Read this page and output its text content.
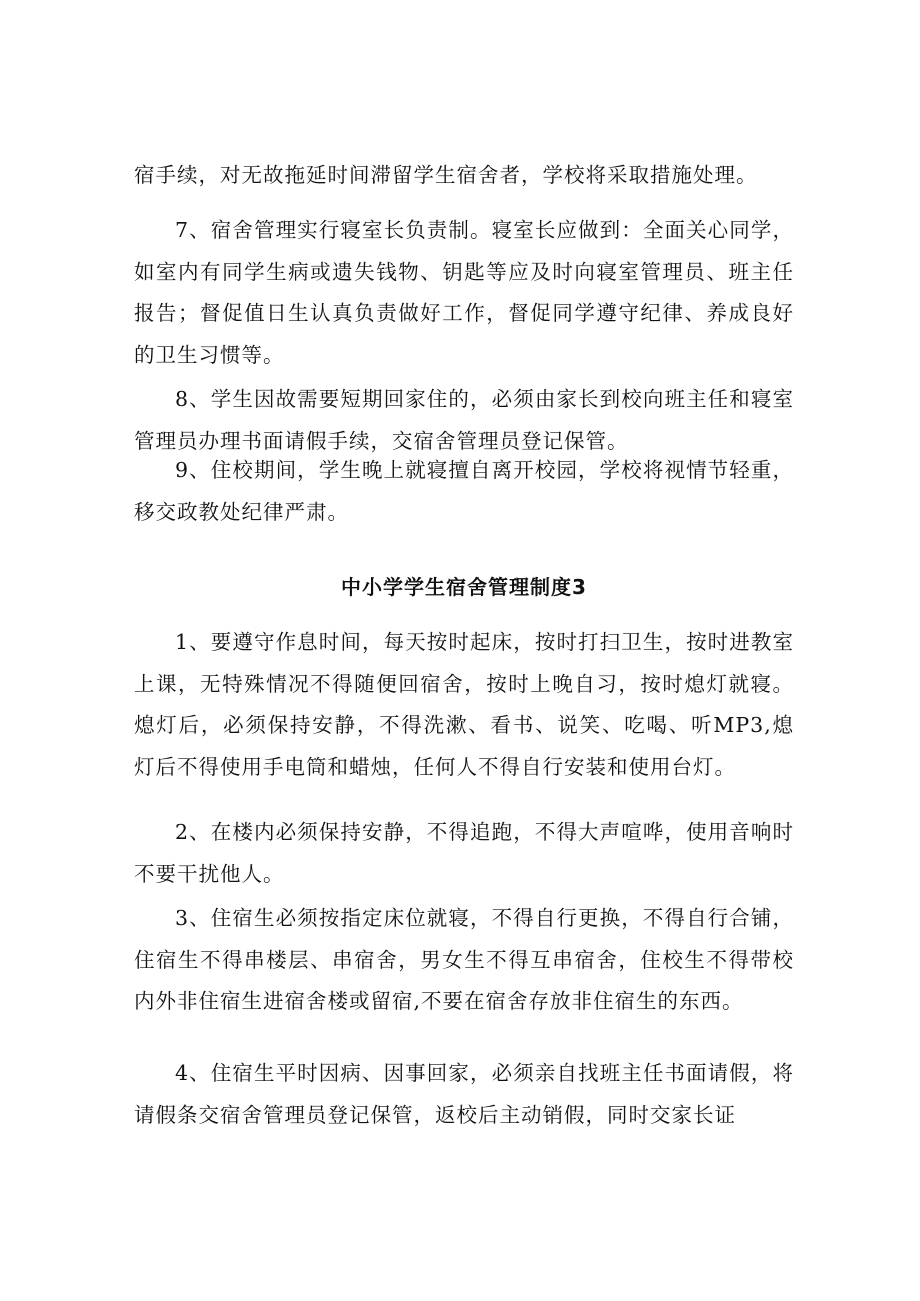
宿手续，对无故拖延时间滞留学生宿舍者，学校将采取措施处理。

7、宿舍管理实行寝室长负责制。寝室长应做到：全面关心同学，如室内有同学生病或遗失钱物、钥匙等应及时向寝室管理员、班主任报告；督促值日生认真负责做好工作，督促同学遵守纪律、养成良好的卫生习惯等。

8、学生因故需要短期回家住的，必须由家长到校向班主任和寝室管理员办理书面请假手续，交宿舍管理员登记保管。

9、住校期间，学生晚上就寝擅自离开校园，学校将视情节轻重，移交政教处纪律严肃。

中小学学生宿舍管理制度3

1、要遵守作息时间，每天按时起床，按时打扫卫生，按时进教室上课，无特殊情况不得随便回宿舍，按时上晚自习，按时熄灯就寝。熄灯后，必须保持安静，不得洗漱、看书、说笑、吃喝、听MP3,熄灯后不得使用手电筒和蜡烛，任何人不得自行安装和使用台灯。

2、在楼内必须保持安静，不得追跑，不得大声喧哗，使用音响时不要干扰他人。

3、住宿生必须按指定床位就寝，不得自行更换，不得自行合铺，住宿生不得串楼层、串宿舍，男女生不得互串宿舍，住校生不得带校内外非住宿生进宿舍楼或留宿,不要在宿舍存放非住宿生的东西。

4、住宿生平时因病、因事回家，必须亲自找班主任书面请假，将请假条交宿舍管理员登记保管，返校后主动销假，同时交家长证
